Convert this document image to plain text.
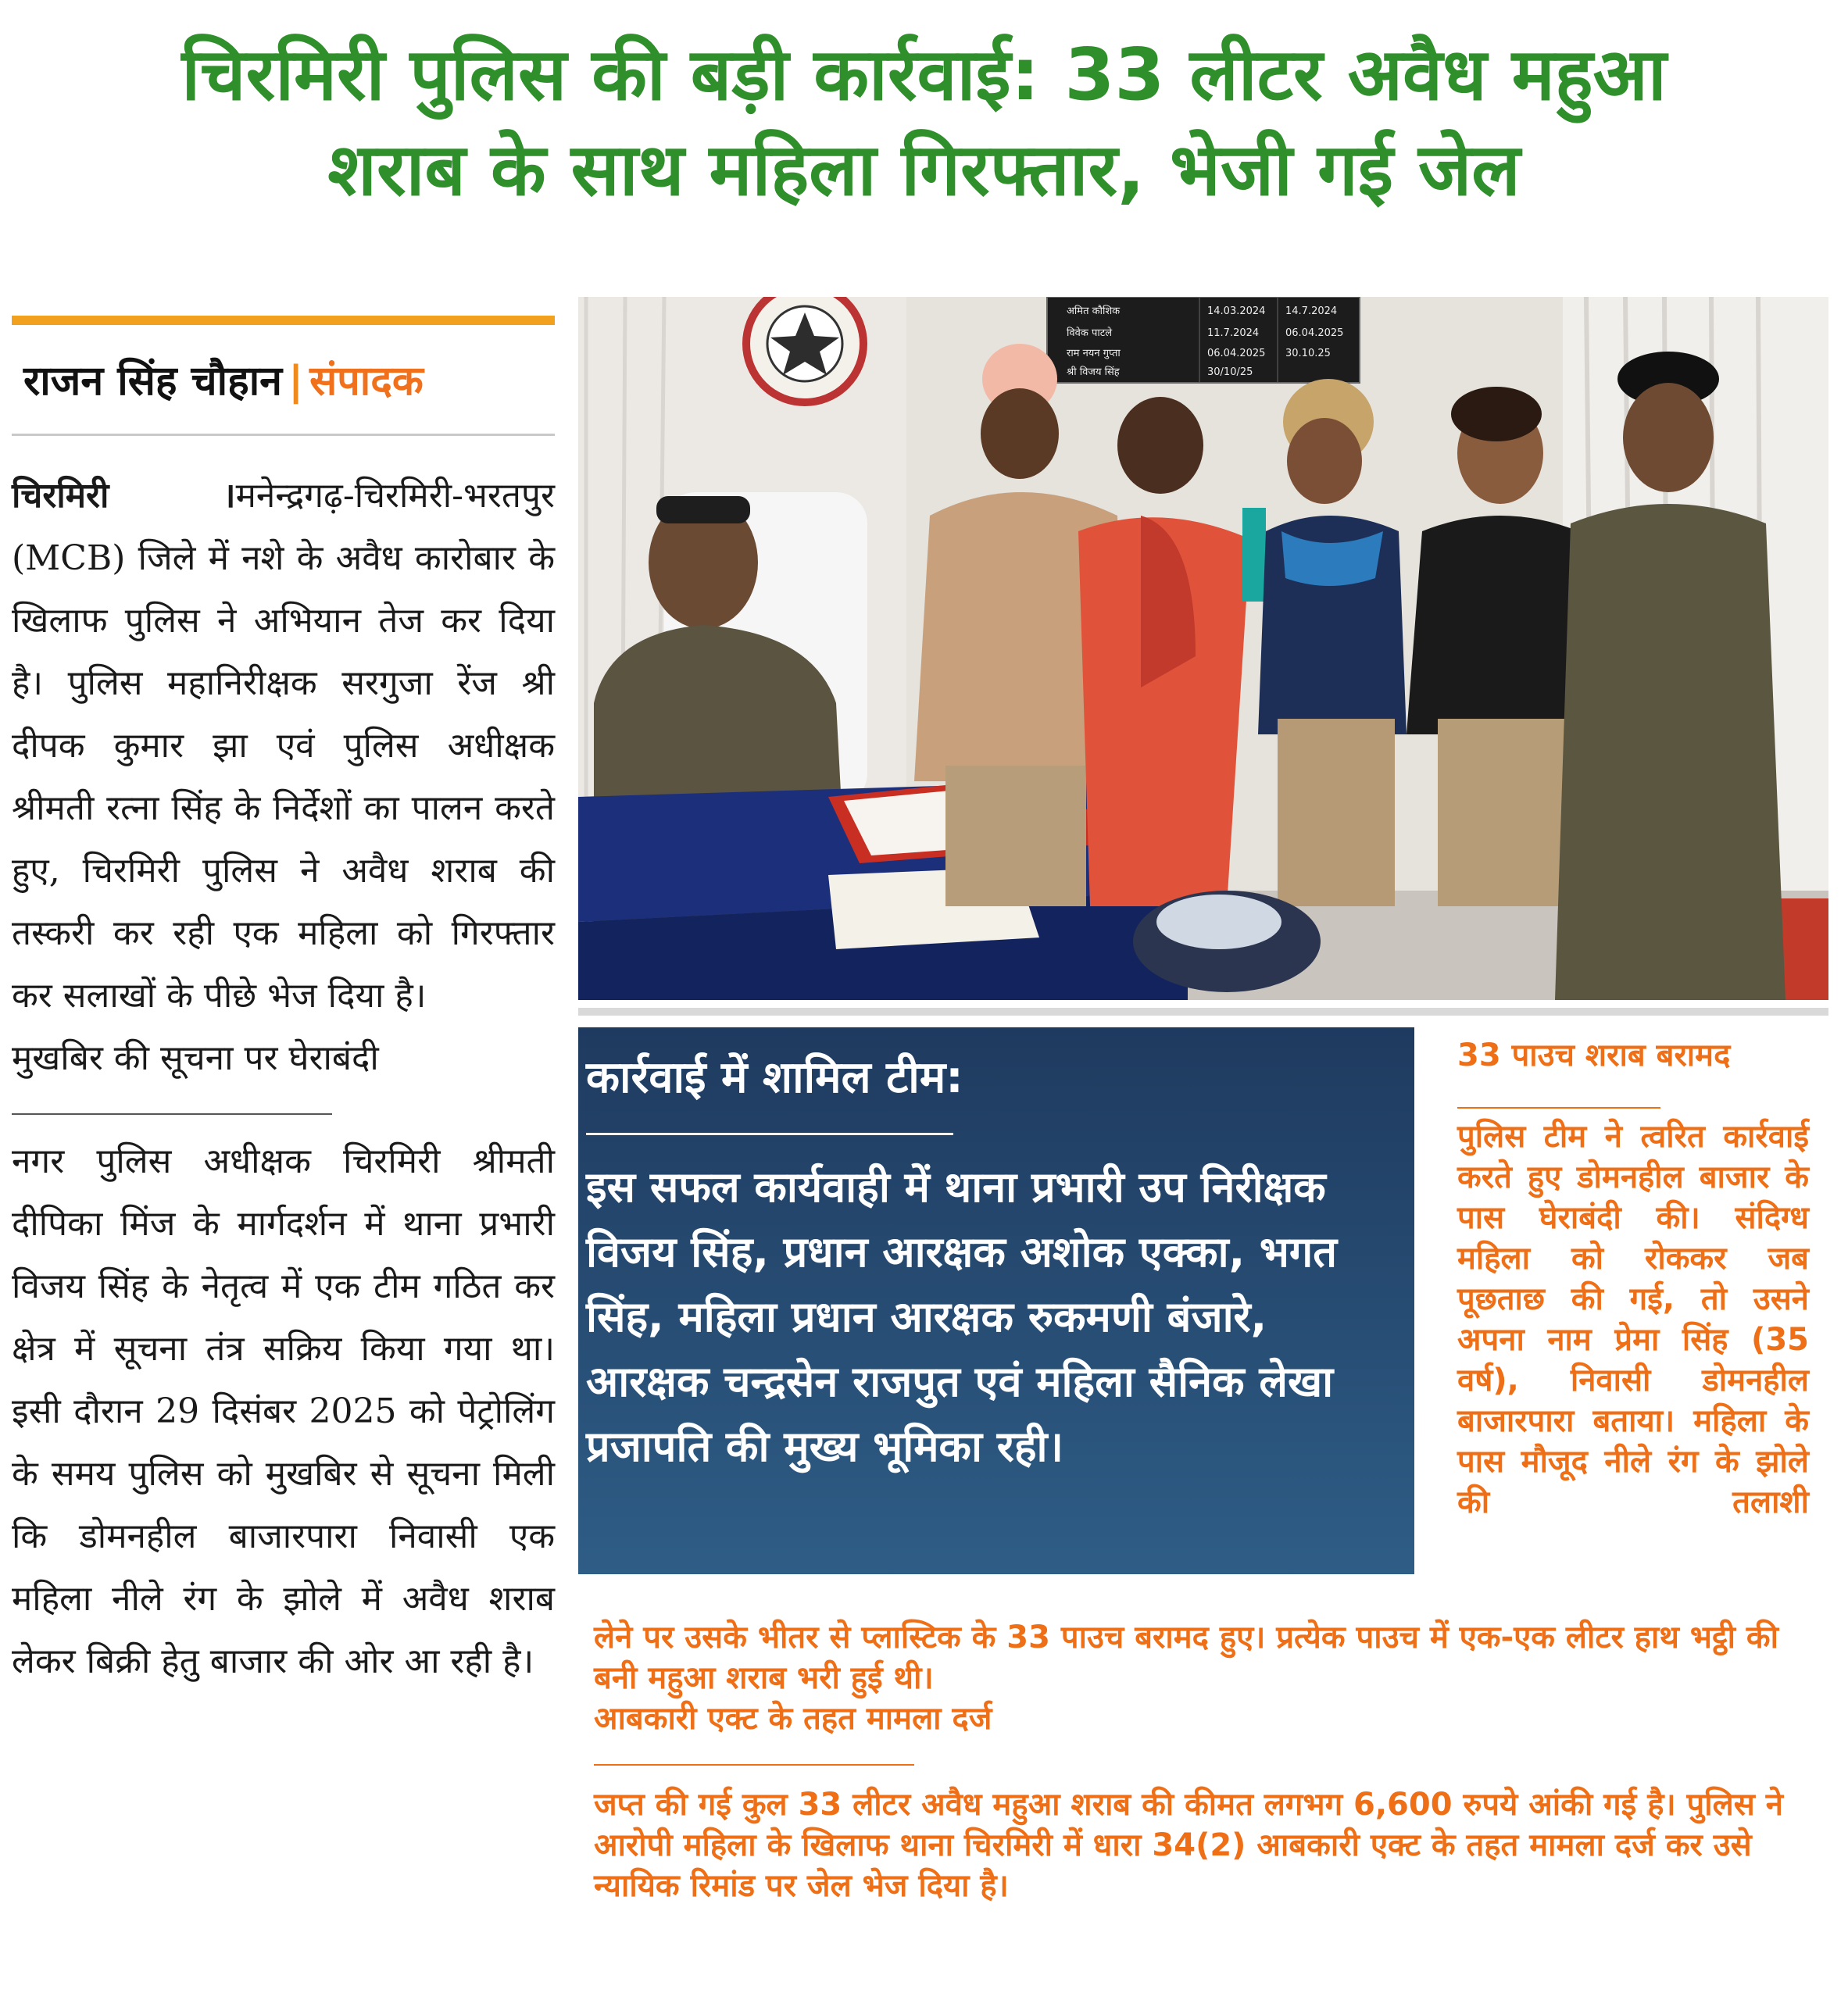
चिरमिरी पुलिस की बड़ी कार्रवाई: 33 लीटर अवैध महुआ
शराब के साथ महिला गिरफ्तार, भेजी गई जेल
राजन सिंह चौहान | संपादक

चिरमिरी ।मनेन्द्रगढ़-चिरमिरी-भरतपुर (MCB) जिले में नशे के अवैध कारोबार के खिलाफ पुलिस ने अभियान तेज कर दिया है। पुलिस महानिरीक्षक सरगुजा रेंज श्री दीपक कुमार झा एवं पुलिस अधीक्षक श्रीमती रत्ना सिंह के निर्देशों का पालन करते हुए, चिरमिरी पुलिस ने अवैध शराब की तस्करी कर रही एक महिला को गिरफ्तार कर सलाखों के पीछे भेज दिया है।

मुखबिर की सूचना पर घेराबंदी

नगर पुलिस अधीक्षक चिरमिरी श्रीमती दीपिका मिंज के मार्गदर्शन में थाना प्रभारी विजय सिंह के नेतृत्व में एक टीम गठित कर क्षेत्र में सूचना तंत्र सक्रिय किया गया था। इसी दौरान 29 दिसंबर 2025 को पेट्रोलिंग के समय पुलिस को मुखबिर से सूचना मिली कि डोमनहील बाजारपारा निवासी एक महिला नीले रंग के झोले में अवैध शराब लेकर बिक्री हेतु बाजार की ओर आ रही है।

अमित कौशिक	14.03.2024 14.7.2024
विवेक पाटले	11.7.2024	06.04.2025
राम नयन गुप्ता	06.04.2025 30.10.25
श्री विजय सिंह	30/10/25
कार्रवाई में शामिल टीम:
इस सफल कार्यवाही में थाना प्रभारी उप निरीक्षक विजय सिंह, प्रधान आरक्षक अशोक एक्का, भगत सिंह, महिला प्रधान आरक्षक रुकमणी बंजारे, आरक्षक चन्द्रसेन राजपुत एवं महिला सैनिक लेखा प्रजापति की मुख्य भूमिका रही।
33 पाउच शराब बरामद

पुलिस टीम ने त्वरित कार्रवाई करते हुए डोमनहील बाजार के पास घेराबंदी की। संदिग्ध महिला को रोककर जब पूछताछ की गई, तो उसने अपना नाम प्रेमा सिंह (35 वर्ष), निवासी डोमनहील बाजारपारा बताया। महिला के पास मौजूद नीले रंग के झोले की तलाशी

लेने पर उसके भीतर से प्लास्टिक के 33 पाउच बरामद हुए। प्रत्येक पाउच में एक-एक लीटर हाथ भट्ठी की बनी महुआ शराब भरी हुई थी।

आबकारी एक्ट के तहत मामला दर्ज

जप्त की गई कुल 33 लीटर अवैध महुआ शराब की कीमत लगभग 6,600 रुपये आंकी गई है। पुलिस ने आरोपी महिला के खिलाफ थाना चिरमिरी में धारा 34(2) आबकारी एक्ट के तहत मामला दर्ज कर उसे न्यायिक रिमांड पर जेल भेज दिया है।
